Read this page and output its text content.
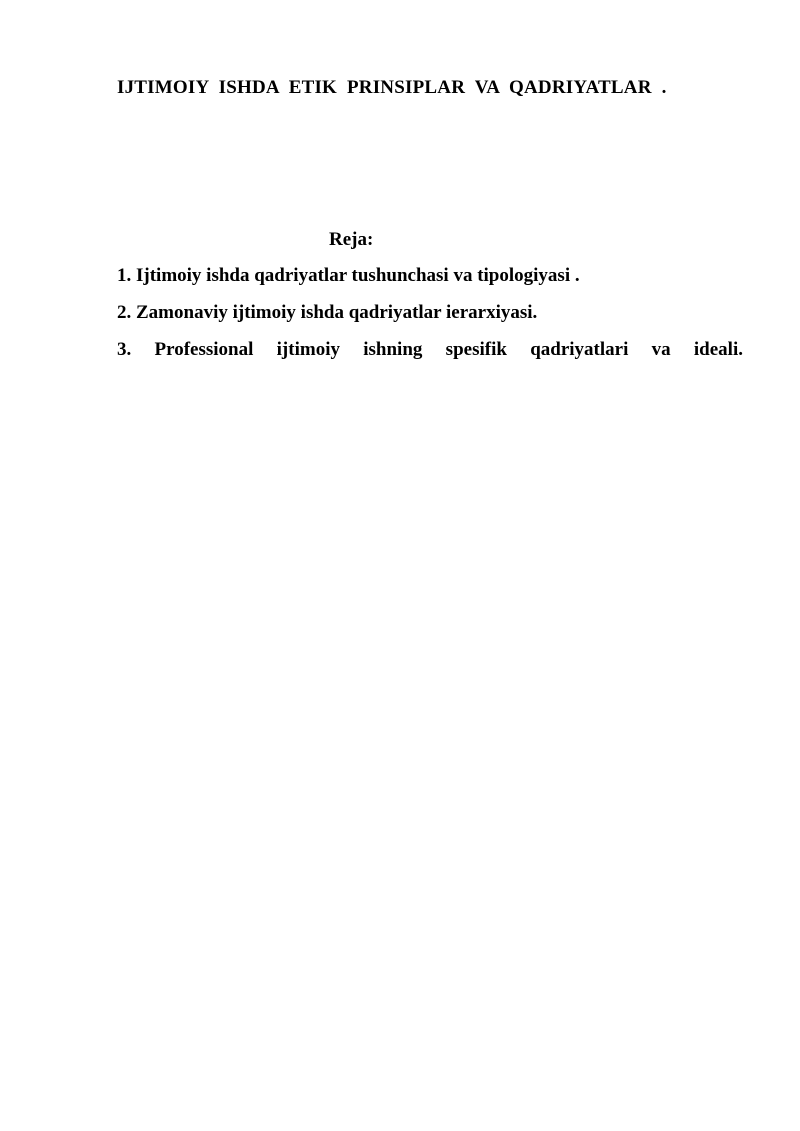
IJTIMOIY ISHDA ETIK PRINSIPLAR VA QADRIYATLAR .
Reja:
1. Ijtimoiy ishda qadriyatlar tushunchasi va tipologiyasi .
2. Zamonaviy ijtimoiy ishda qadriyatlar ierarxiyasi.
3. Professional ijtimoiy ishning spesifik qadriyatlari va ideali.
